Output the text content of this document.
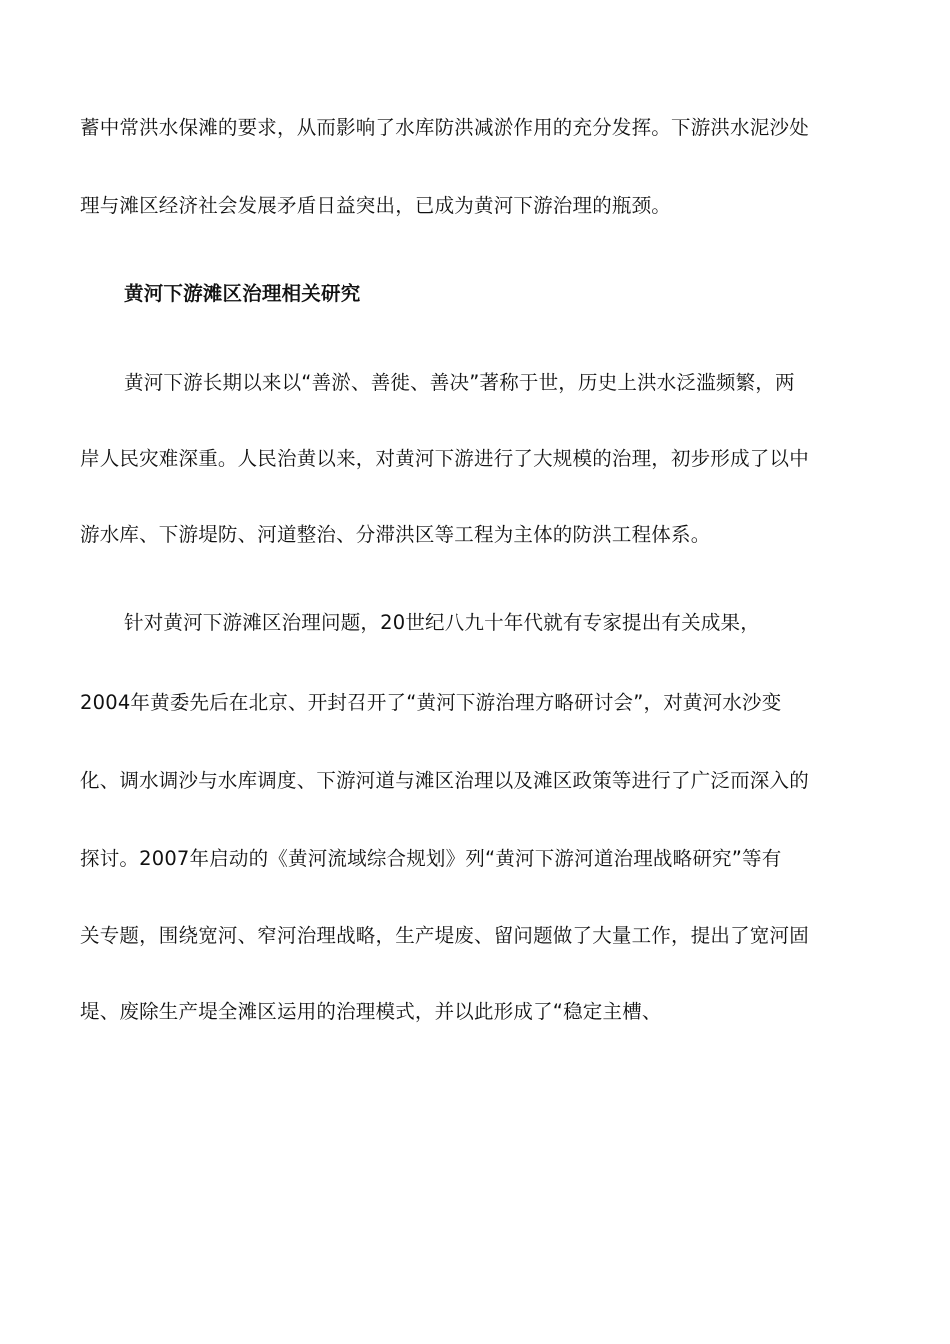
蓄中常洪水保滩的要求，从而影响了水库防洪减淤作用的充分发挥。下游洪水泥沙处
理与滩区经济社会发展矛盾日益突出，已成为黄河下游治理的瓶颈。
黄河下游滩区治理相关研究
黄河下游长期以来以“善淤、善徙、善决”著称于世，历史上洪水泛滥频繁，两
岸人民灾难深重。人民治黄以来，对黄河下游进行了大规模的治理，初步形成了以中
游水库、下游堤防、河道整治、分滞洪区等工程为主体的防洪工程体系。
针对黄河下游滩区治理问题，20世纪八九十年代就有专家提出有关成果，
2004年黄委先后在北京、开封召开了“黄河下游治理方略研讨会”，对黄河水沙变
化、调水调沙与水库调度、下游河道与滩区治理以及滩区政策等进行了广泛而深入的
探讨。2007年启动的《黄河流域综合规划》列“黄河下游河道治理战略研究”等有
关专题，围绕宽河、窄河治理战略，生产堤废、留问题做了大量工作，提出了宽河固
堤、废除生产堤全滩区运用的治理模式，并以此形成了“稳定主槽、
